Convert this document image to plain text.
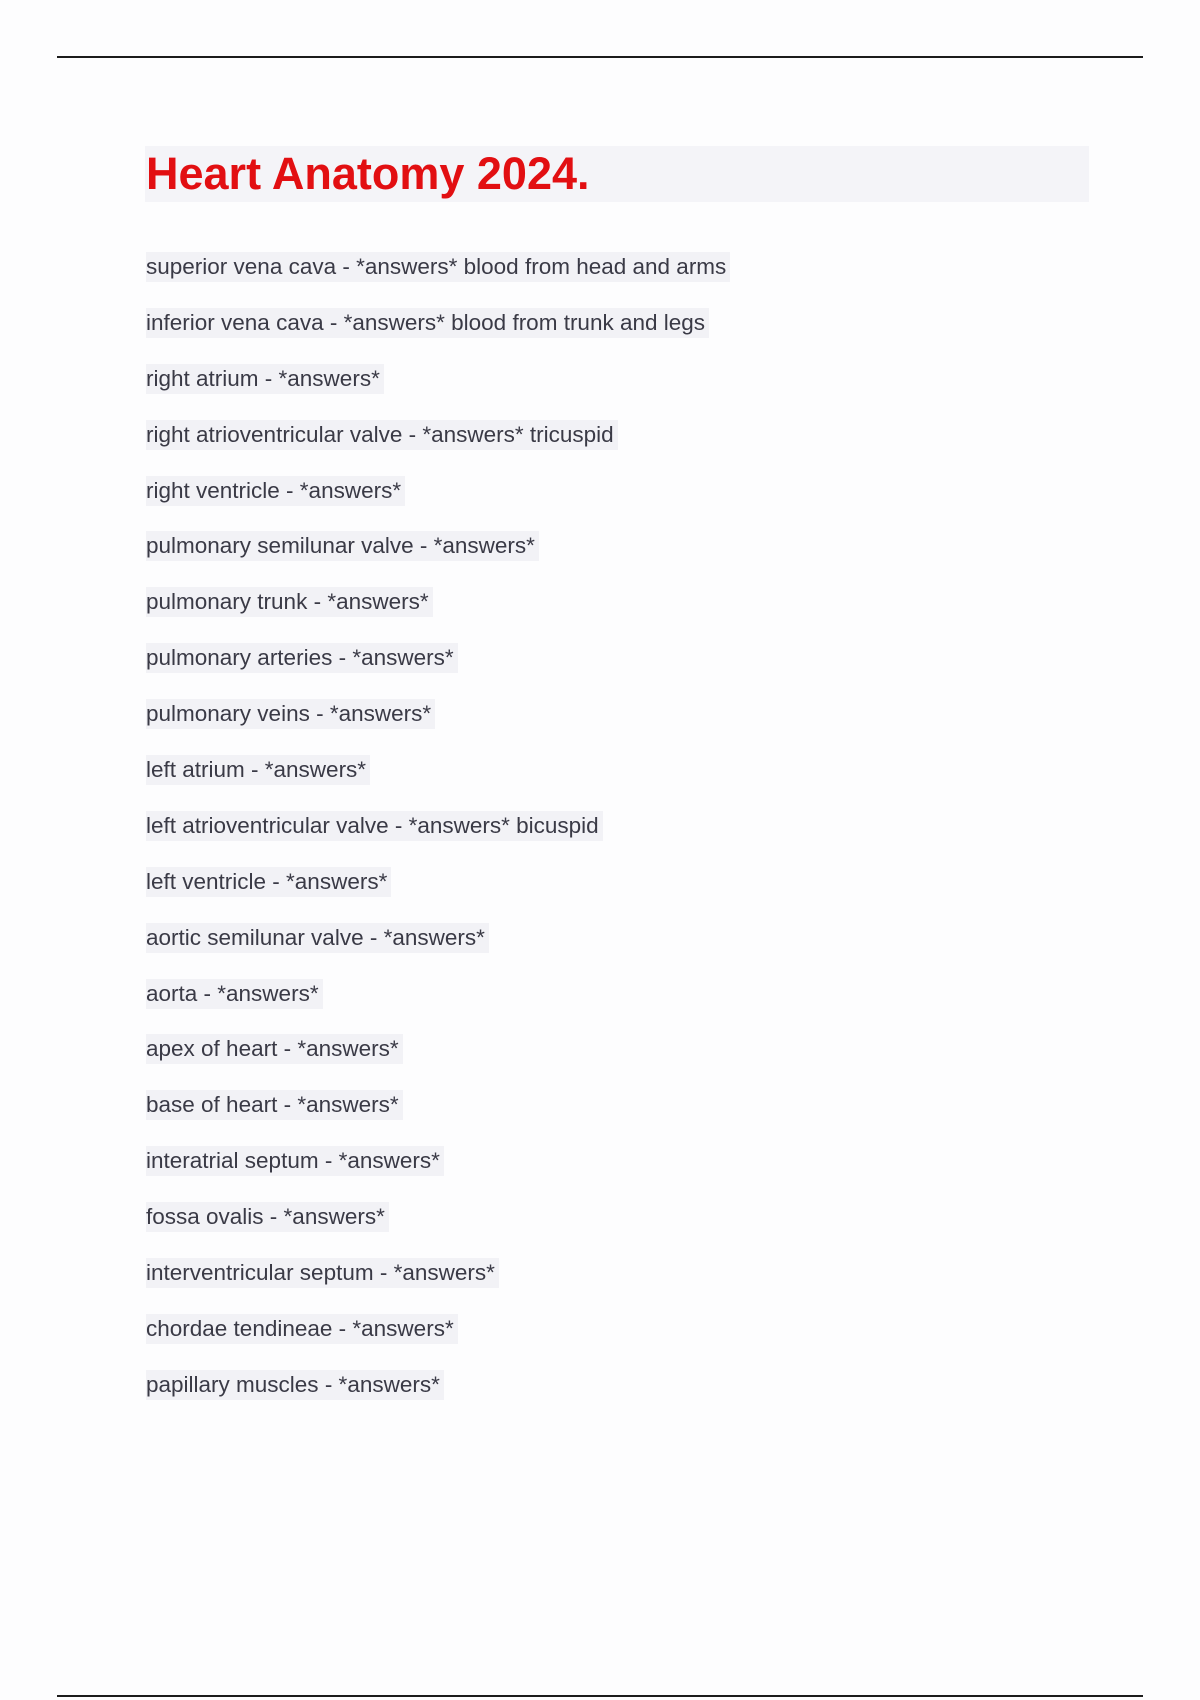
Heart Anatomy 2024.
superior vena cava - *answers* blood from head and arms
inferior vena cava - *answers* blood from trunk and legs
right atrium - *answers*
right atrioventricular valve - *answers* tricuspid
right ventricle - *answers*
pulmonary semilunar valve - *answers*
pulmonary trunk - *answers*
pulmonary arteries - *answers*
pulmonary veins - *answers*
left atrium - *answers*
left atrioventricular valve - *answers* bicuspid
left ventricle - *answers*
aortic semilunar valve - *answers*
aorta - *answers*
apex of heart - *answers*
base of heart - *answers*
interatrial septum - *answers*
fossa ovalis - *answers*
interventricular septum - *answers*
chordae tendineae - *answers*
papillary muscles - *answers*
